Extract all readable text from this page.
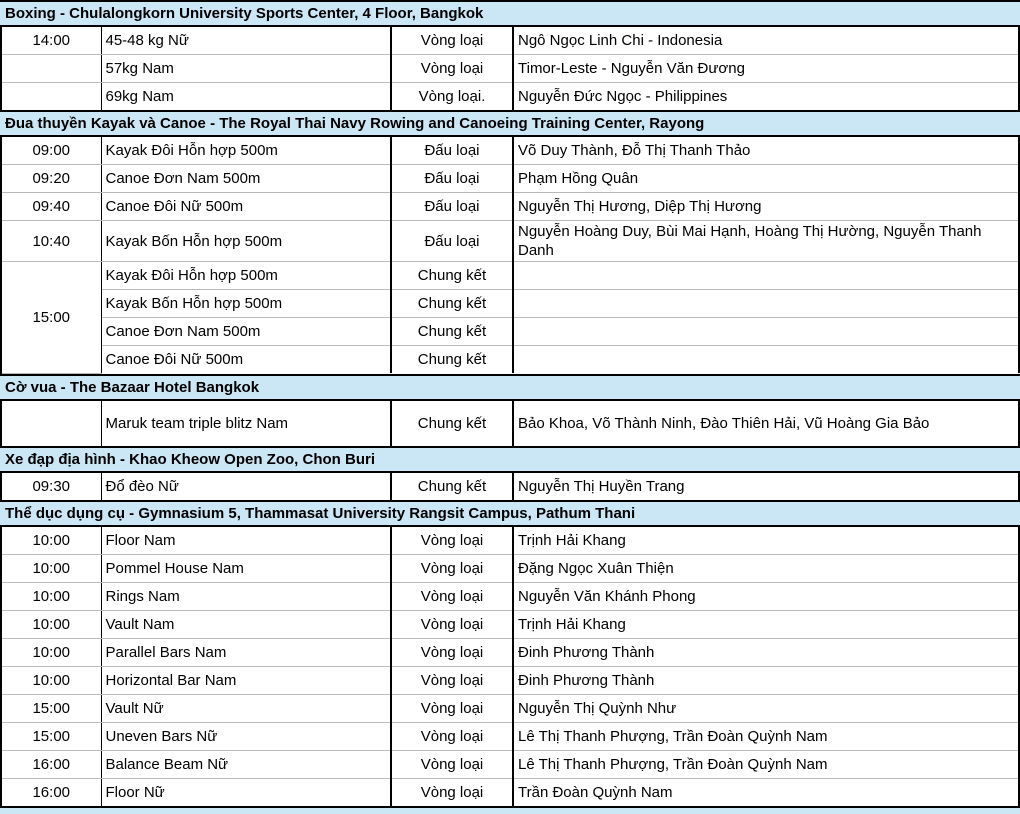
Boxing - Chulalongkorn University Sports Center, 4 Floor, Bangkok
14:00	45-48 kg Nữ	Vòng loại	Ngô Ngọc Linh Chi - Indonesia
	57kg Nam	Vòng loại	Timor-Leste - Nguyễn Văn Đương
	69kg Nam	Vòng loại.	Nguyễn Đức Ngọc - Philippines
Đua thuyền Kayak và Canoe - The Royal Thai Navy Rowing and Canoeing Training Center, Rayong
09:00	Kayak Đôi Hỗn hợp 500m	Đấu loại	Võ Duy Thành, Đỗ Thị Thanh Thảo
09:20	Canoe Đơn Nam 500m	Đấu loại	Phạm Hồng Quân
09:40	Canoe Đôi Nữ 500m	Đấu loại	Nguyễn Thị Hương, Diệp Thị Hương
10:40	Kayak Bốn Hỗn hợp 500m	Đấu loại	Nguyễn Hoàng Duy, Bùi Mai Hạnh, Hoàng Thị Hường, Nguyễn Thanh Danh
15:00	Kayak Đôi Hỗn hợp 500m	Chung kết	
	Kayak Bốn Hỗn hợp 500m	Chung kết	
	Canoe Đơn Nam 500m	Chung kết	
	Canoe Đôi Nữ 500m	Chung kết	
Cờ vua - The Bazaar Hotel Bangkok
	Maruk team triple blitz Nam	Chung kết	Bảo Khoa, Võ Thành Ninh, Đào Thiên Hải, Vũ Hoàng Gia Bảo
Xe đạp địa hình - Khao Kheow Open Zoo, Chon Buri
09:30	Đổ đèo Nữ	Chung kết	Nguyễn Thị Huyền Trang
Thể dục dụng cụ - Gymnasium 5, Thammasat University Rangsit Campus, Pathum Thani
10:00	Floor Nam	Vòng loại	Trịnh Hải Khang
10:00	Pommel House Nam	Vòng loại	Đặng Ngọc Xuân Thiện
10:00	Rings Nam	Vòng loại	Nguyễn Văn Khánh Phong
10:00	Vault Nam	Vòng loại	Trịnh Hải Khang
10:00	Parallel Bars Nam	Vòng loại	Đinh Phương Thành
10:00	Horizontal Bar Nam	Vòng loại	Đinh Phương Thành
15:00	Vault Nữ	Vòng loại	Nguyễn Thị Quỳnh Như
15:00	Uneven Bars Nữ	Vòng loại	Lê Thị Thanh Phượng, Trần Đoàn Quỳnh Nam
16:00	Balance Beam Nữ	Vòng loại	Lê Thị Thanh Phượng, Trần Đoàn Quỳnh Nam
16:00	Floor Nữ	Vòng loại	Trần Đoàn Quỳnh Nam
